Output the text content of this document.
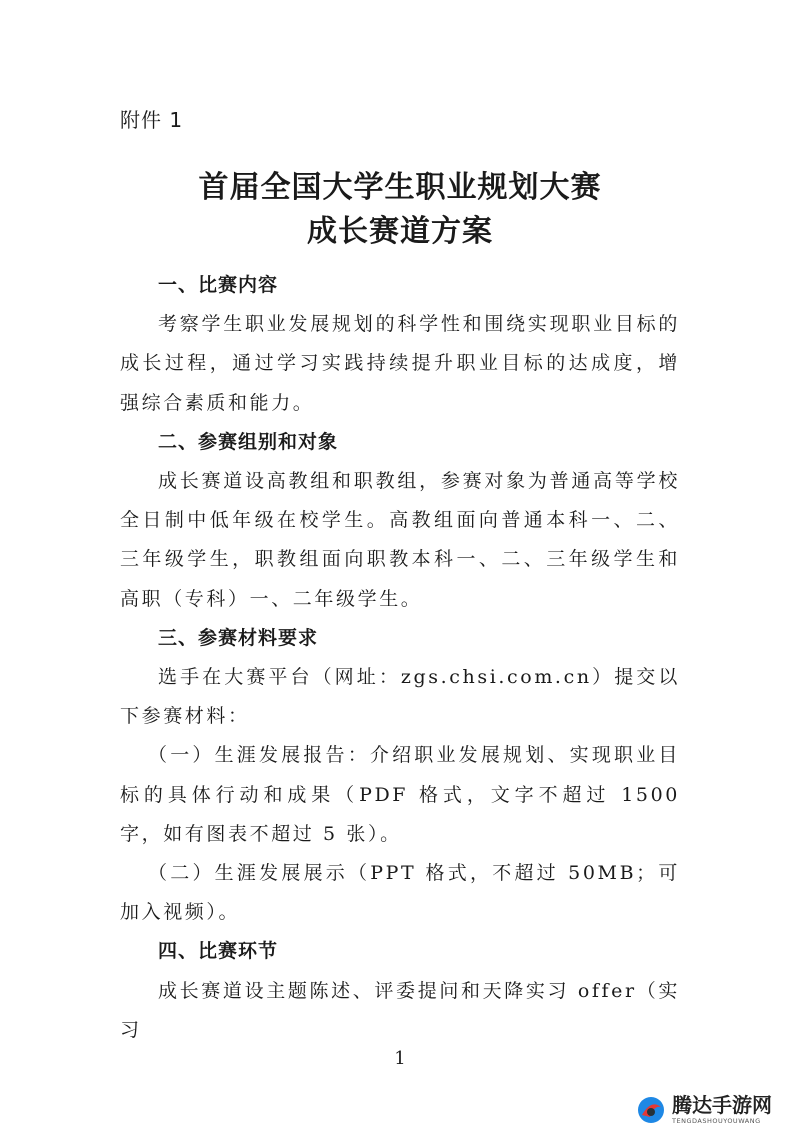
附件 1
首届全国大学生职业规划大赛
成长赛道方案

一、比赛内容

考察学生职业发展规划的科学性和围绕实现职业目标的成长过程，通过学习实践持续提升职业目标的达成度，增强综合素质和能力。

二、参赛组别和对象

成长赛道设高教组和职教组，参赛对象为普通高等学校全日制中低年级在校学生。高教组面向普通本科一、二、三年级学生，职教组面向职教本科一、二、三年级学生和高职（专科）一、二年级学生。

三、参赛材料要求

选手在大赛平台（网址：zgs.chsi.com.cn）提交以下参赛材料：

（一）生涯发展报告：介绍职业发展规划、实现职业目标的具体行动和成果（PDF 格式，文字不超过 1500 字，如有图表不超过 5 张）。

（二）生涯发展展示（PPT 格式，不超过 50MB；可加入视频）。

四、比赛环节

成长赛道设主题陈述、评委提问和天降实习 offer（实习

1
腾达手游网
TENGDASHOUYOUWANG
